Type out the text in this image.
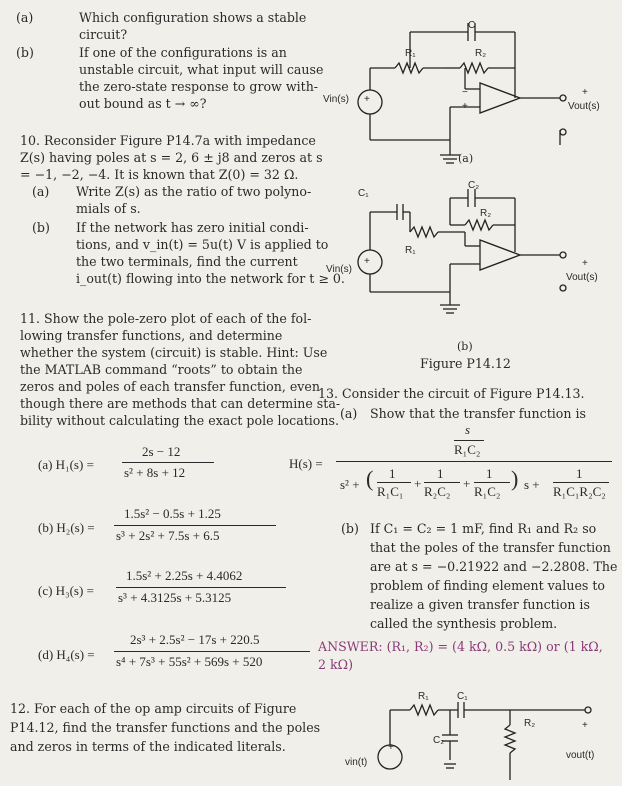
(a)	Which configuration shows a stable
circuit?
(b)	If one of the configurations is an
unstable circuit, what input will cause
the zero-state response to grow with-
out bound as t → ∞?
10. Reconsider Figure P14.7a with impedance
Z(s) having poles at s = 2, 6 ± j8 and zeros at s
= −1, −2, −4. It is known that Z(0) = 32 Ω.
(a) Write Z(s) as the ratio of two polyno-
mials of s.
(b) If the network has zero initial condi-
tions, and v_in(t) = 5u(t) V is applied to
the two terminals, find the current
i_out(t) flowing into the network for t ≥ 0.
11. Show the pole-zero plot of each of the fol-
lowing transfer functions, and determine
whether the system (circuit) is stable. Hint: Use
the MATLAB command “roots” to obtain the
zeros and poles of each transfer function, even
though there are methods that can determine sta-
bility without calculating the exact pole locations.
(a) H₁(s) =
2s − 12
s² + 8s + 12
(b) H₂(s) =
1.5s² − 0.5s + 1.25
s³ + 2s² + 7.5s + 6.5
(c) H₃(s) =
1.5s² + 2.25s + 4.4062
s³ + 4.3125s + 5.3125
(d) H₄(s) =
2s³ + 2.5s² − 17s + 220.5
s⁴ + 7s³ + 55s² + 569s + 520
12. For each of the op amp circuits of Figure
P14.12, find the transfer functions and the poles
and zeros in terms of the indicated literals.
13. Consider the circuit of Figure P14.13.
(a) Show that the transfer function is
H(s) =
s
R₁C₂
s² + ( 1
R₁C₁
+
1
R₂C₂
+
1
R₁C₂
) s +
1
R₁C₁R₂C₂
(b) If C₁ = C₂ = 1 mF, find R₁ and R₂ so
that the poles of the transfer function
are at s = −0.21922 and −2.2808. The
problem of finding element values to
realize a given transfer function is
called the synthesis problem.
ANSWER: (R₁, R₂) = (4 kΩ, 0.5 kΩ) or (1 kΩ,
2 kΩ)
C
R₁	R₂
Vin(s) +
Vout(s)
+
−
+
(a)
C₁
C₂
R₂
R₁
Vin(s)
+
Vout(s)
+
(b)
Figure P14.12
R₁	C₁
C₂
R₂
vin(t)
+
+
vout(t)
